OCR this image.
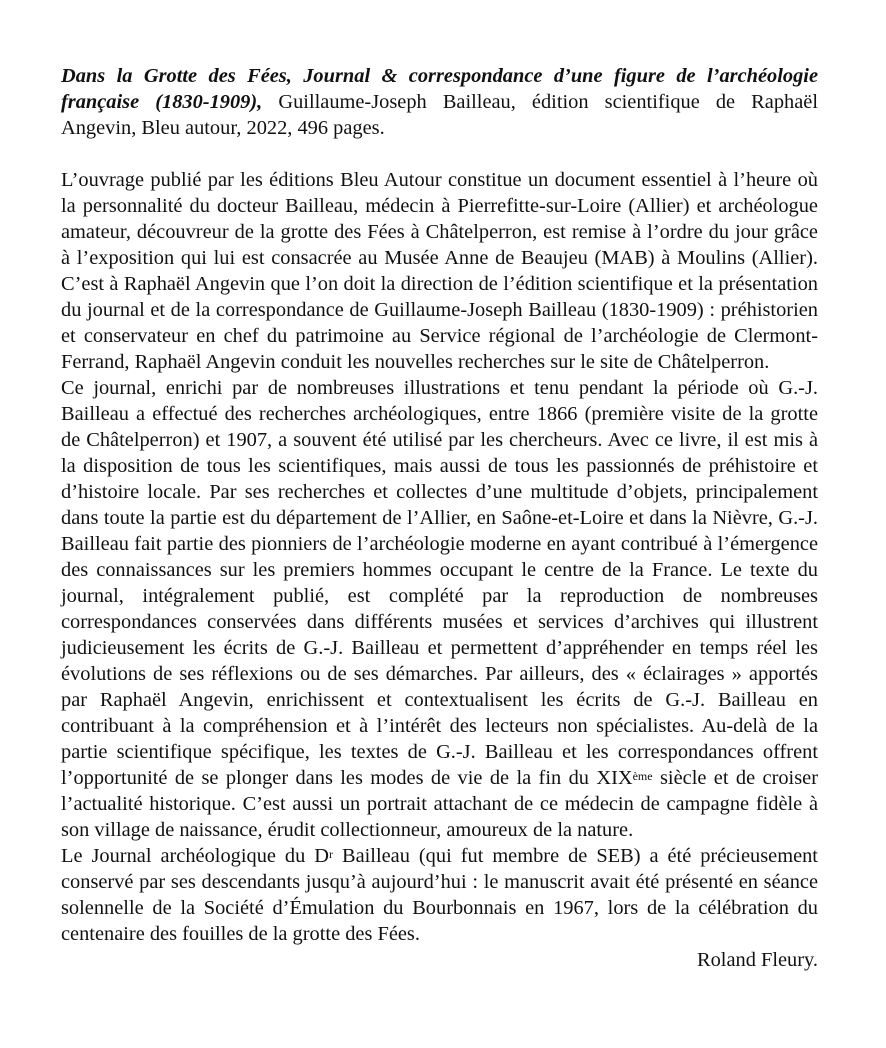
Dans la Grotte des Fées, Journal & correspondance d’une figure de l’archéologie française (1830-1909), Guillaume-Joseph Bailleau, édition scientifique de Raphaël Angevin, Bleu autour, 2022, 496 pages.

L’ouvrage publié par les éditions Bleu Autour constitue un document essentiel à l’heure où la personnalité du docteur Bailleau, médecin à Pierrefitte-sur-Loire (Allier) et archéologue amateur, découvreur de la grotte des Fées à Châtelperron, est remise à l’ordre du jour grâce à l’exposition qui lui est consacrée au Musée Anne de Beaujeu (MAB) à Moulins (Allier). C’est à Raphaël Angevin que l’on doit la direction de l’édition scientifique et la présentation du journal et de la correspondance de Guillaume-Joseph Bailleau (1830-1909) : préhistorien et conservateur en chef du patrimoine au Service régional de l’archéologie de Clermont-Ferrand, Raphaël Angevin conduit les nouvelles recherches sur le site de Châtelperron.

Ce journal, enrichi par de nombreuses illustrations et tenu pendant la période où G.-J. Bailleau a effectué des recherches archéologiques, entre 1866 (première visite de la grotte de Châtelperron) et 1907, a souvent été utilisé par les chercheurs. Avec ce livre, il est mis à la disposition de tous les scientifiques, mais aussi de tous les passionnés de préhistoire et d’histoire locale. Par ses recherches et collectes d’une multitude d’objets, principalement dans toute la partie est du département de l’Allier, en Saône-et-Loire et dans la Nièvre, G.-J. Bailleau fait partie des pionniers de l’archéologie moderne en ayant contribué à l’émergence des connaissances sur les premiers hommes occupant le centre de la France. Le texte du journal, intégralement publié, est complété par la reproduction de nombreuses correspondances conservées dans différents musées et services d’archives qui illustrent judicieusement les écrits de G.-J. Bailleau et permettent d’appréhender en temps réel les évolutions de ses réflexions ou de ses démarches. Par ailleurs, des « éclairages » apportés par Raphaël Angevin, enrichissent et contextualisent les écrits de G.-J. Bailleau en contribuant à la compréhension et à l’intérêt des lecteurs non spécialistes. Au-delà de la partie scientifique spécifique, les textes de G.-J. Bailleau et les correspondances offrent l’opportunité de se plonger dans les modes de vie de la fin du XIXème siècle et de croiser l’actualité historique. C’est aussi un portrait attachant de ce médecin de campagne fidèle à son village de naissance, érudit collectionneur, amoureux de la nature.

Le Journal archéologique du $D^r$ Bailleau (qui fut membre de SEB) a été précieusement conservé par ses descendants jusqu’à aujourd’hui : le manuscrit avait été présenté en séance solennelle de la Société d’Émulation du Bourbonnais en 1967, lors de la célébration du centenaire des fouilles de la grotte des Fées.

Roland Fleury.
